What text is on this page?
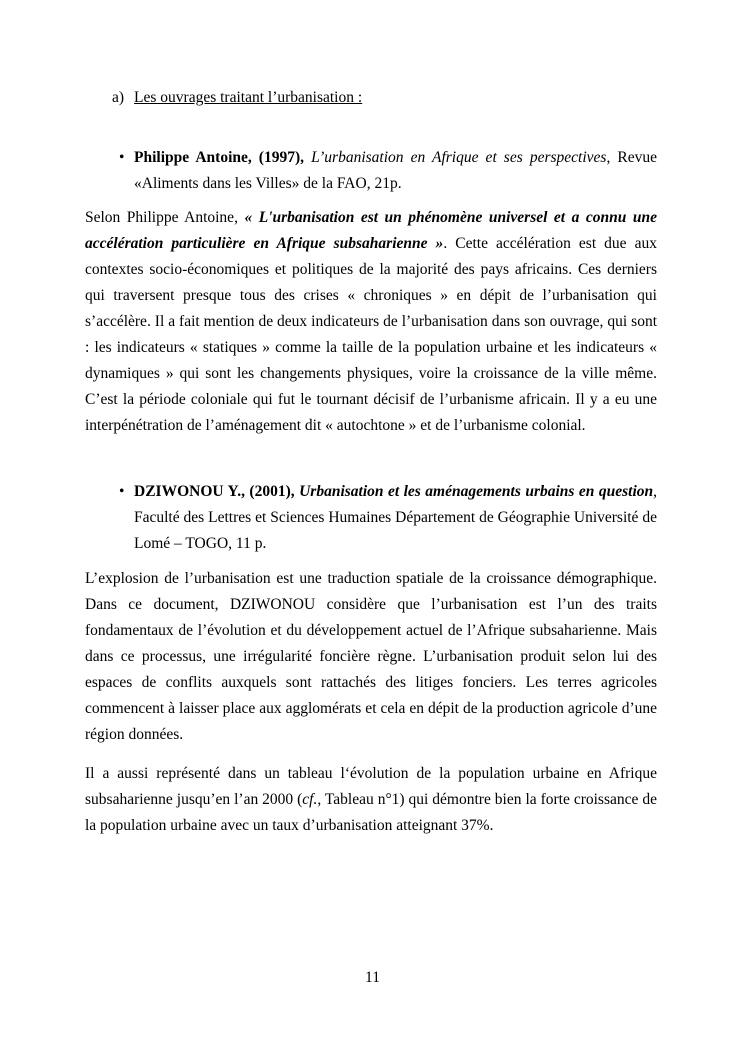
a) Les ouvrages traitant l’urbanisation :
• Philippe Antoine, (1997), L’urbanisation en Afrique et ses perspectives, Revue «Aliments dans les Villes» de la FAO, 21p.

Selon Philippe Antoine, « L'urbanisation est un phénomène universel et a connu une accélération particulière en Afrique subsaharienne ». Cette accélération est due aux contextes socio-économiques et politiques de la majorité des pays africains. Ces derniers qui traversent presque tous des crises « chroniques » en dépit de l’urbanisation qui s’accélère. Il a fait mention de deux indicateurs de l’urbanisation dans son ouvrage, qui sont : les indicateurs « statiques » comme la taille de la population urbaine et les indicateurs « dynamiques » qui sont les changements physiques, voire la croissance de la ville même. C’est la période coloniale qui fut le tournant décisif de l’urbanisme africain. Il y a eu une interpénétration de l’aménagement dit « autochtone » et de l’urbanisme colonial.

• DZIWONOU Y., (2001), Urbanisation et les aménagements urbains en question, Faculté des Lettres et Sciences Humaines Département de Géographie Université de Lomé – TOGO, 11 p.

L’explosion de l’urbanisation est une traduction spatiale de la croissance démographique. Dans ce document, DZIWONOU considère que l’urbanisation est l’un des traits fondamentaux de l’évolution et du développement actuel de l’Afrique subsaharienne. Mais dans ce processus, une irrégularité foncière règne. L’urbanisation produit selon lui des espaces de conflits auxquels sont rattachés des litiges fonciers. Les terres agricoles commencent à laisser place aux agglomérats et cela en dépit de la production agricole d’une région données.

Il a aussi représenté dans un tableau l‘évolution de la population urbaine en Afrique subsaharienne jusqu’en l’an 2000 (cf., Tableau n°1) qui démontre bien la forte croissance de la population urbaine avec un taux d’urbanisation atteignant 37%.

11
